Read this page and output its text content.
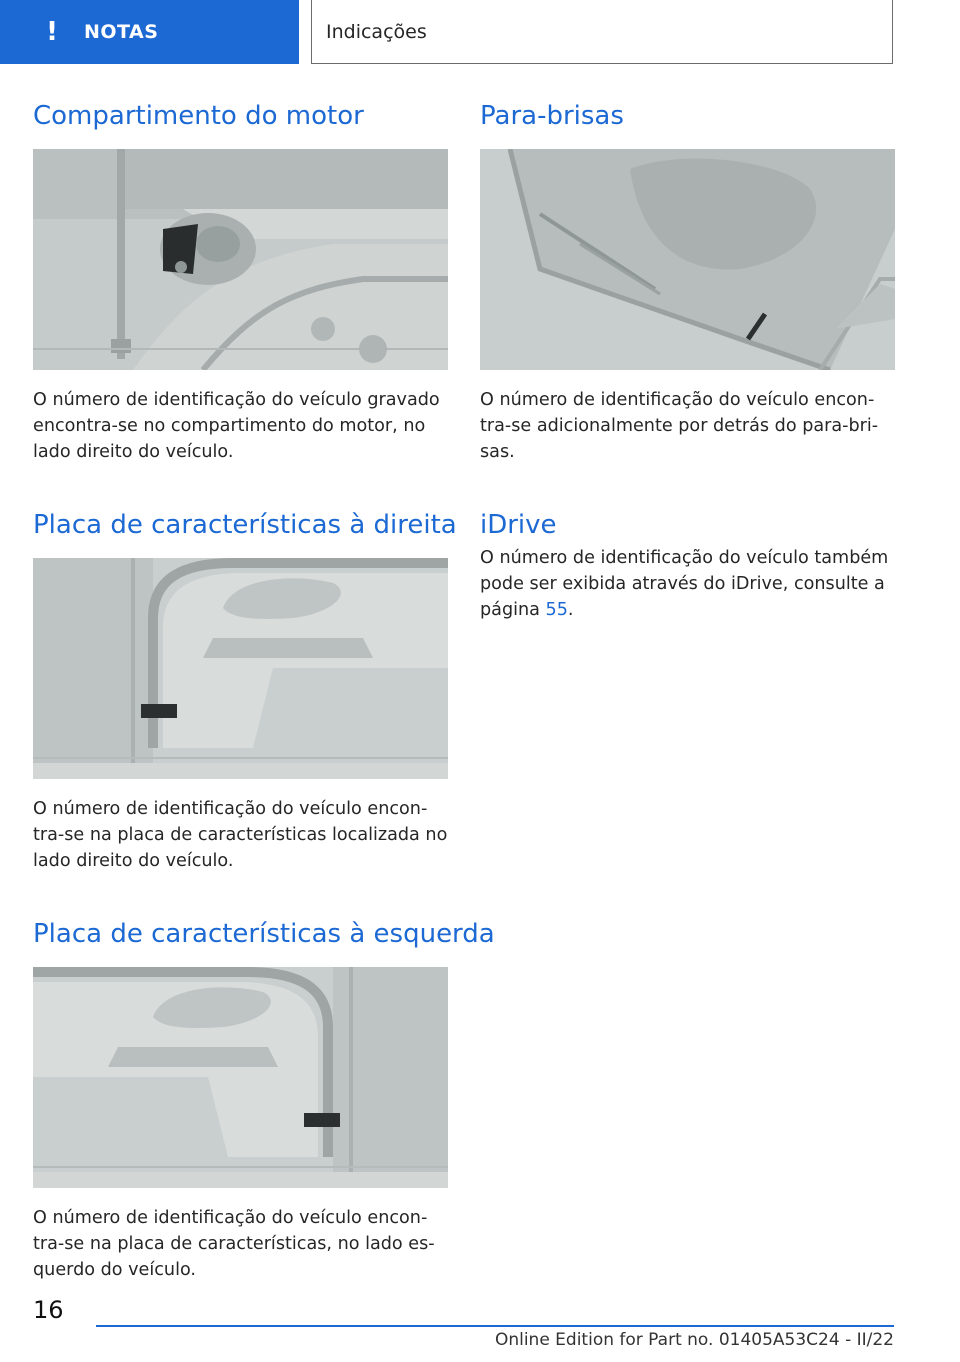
! NOTAS	Indicações
Compartimento do motor

O número de identificação do veículo gravado encontra-se no compartimento do motor, no lado direito do veículo.

Placa de características à direita

O número de identificação do veículo encon-tra-se na placa de características localizada no lado direito do veículo.

Placa de características à esquerda

O número de identificação do veículo encon-tra-se na placa de características, no lado es-querdo do veículo.

Para-brisas

O número de identificação do veículo encon-tra-se adicionalmente por detrás do para-bri-sas.

iDrive

O número de identificação do veículo também pode ser exibida através do iDrive, consulte a página 55.

16
Online Edition for Part no. 01405A53C24 - II/22
